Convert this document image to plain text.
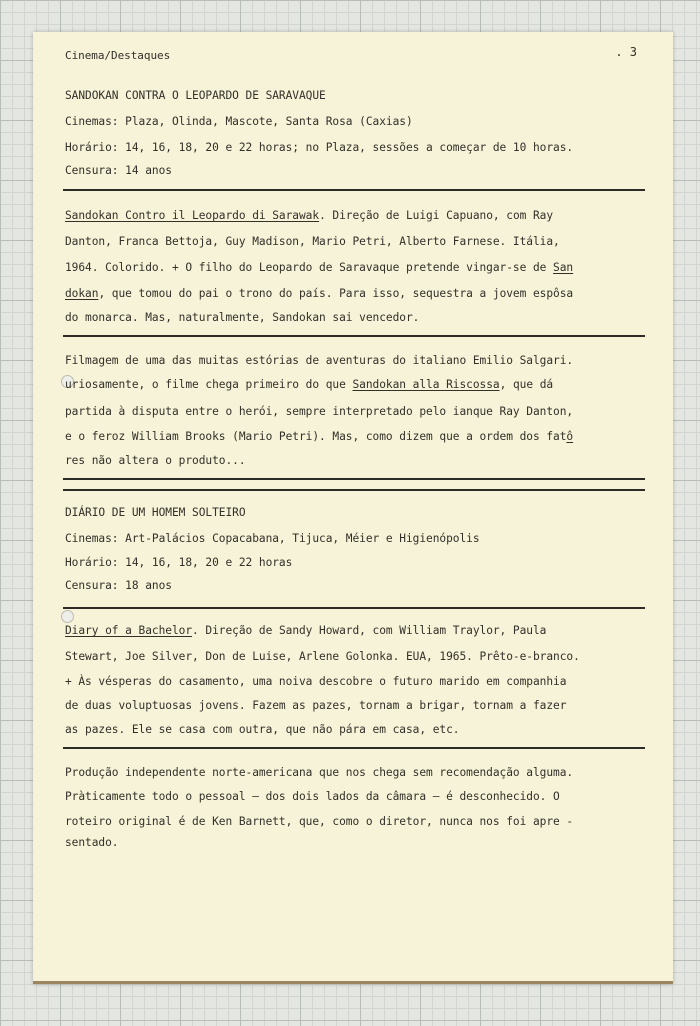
Cinema/Destaques	. 3

SANDOKAN CONTRA O LEOPARDO DE SARAVAQUE

Cinemas: Plaza, Olinda, Mascote, Santa Rosa (Caxias)

Horário: 14, 16, 18, 20 e 22 horas; no Plaza, sessões a começar de 10 horas.

Censura: 14 anos

Sandokan Contro il Leopardo di Sarawak. Direção de Luigi Capuano, com Ray

Danton, Franca Bettoja, Guy Madison, Mario Petri, Alberto Farnese. Itália,

1964. Colorido. + O filho do Leopardo de Saravaque pretende vingar-se de San

dokan, que tomou do pai o trono do país. Para isso, sequestra a jovem espôsa

do monarca. Mas, naturalmente, Sandokan sai vencedor.

Filmagem de uma das muitas estórias de aventuras do italiano Emilio Salgari.

uriosamente, o filme chega primeiro do que Sandokan alla Riscossa, que dá

partida à disputa entre o herói, sempre interpretado pelo ianque Ray Danton,

e o feroz William Brooks (Mario Petri). Mas, como dizem que a ordem dos fatô

res não altera o produto...

DIÁRIO DE UM HOMEM SOLTEIRO

Cinemas: Art-Palácios Copacabana, Tijuca, Méier e Higienópolis

Horário: 14, 16, 18, 20 e 22 horas

Censura: 18 anos

Diary of a Bachelor. Direção de Sandy Howard, com William Traylor, Paula

Stewart, Joe Silver, Don de Luise, Arlene Golonka. EUA, 1965. Prêto-e-branco.

+ Às vésperas do casamento, uma noiva descobre o futuro marido em companhia

de duas voluptuosas jovens. Fazem as pazes, tornam a brigar, tornam a fazer

as pazes. Ele se casa com outra, que não pára em casa, etc.

Produção independente norte-americana que nos chega sem recomendação alguma.

Pràticamente todo o pessoal — dos dois lados da câmara — é desconhecido. O

roteiro original é de Ken Barnett, que, como o diretor, nunca nos foi apre -

sentado.
